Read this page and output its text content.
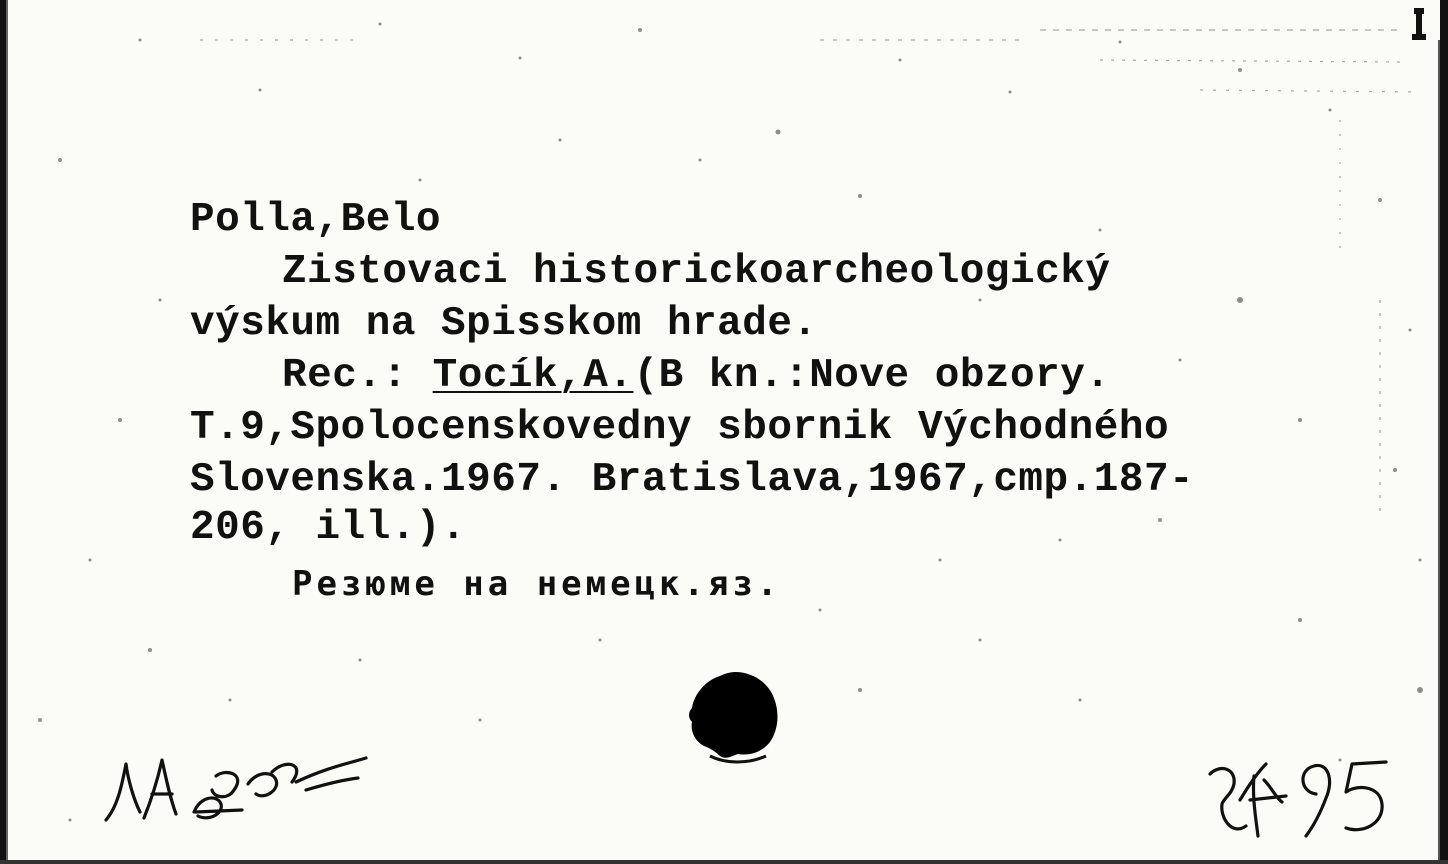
Polla,Belo

Zistovaci historickoarcheologický

výskum na Spisskom hrade.

Rec.: Tocík,A.(B kn.:Nove obzory.

T.9,Spolocenskovedny sbornik Východného

Slovenska.1967. Bratislava,1967,cmp.187-

206, ill.).

Резюме на немецк.яз.
